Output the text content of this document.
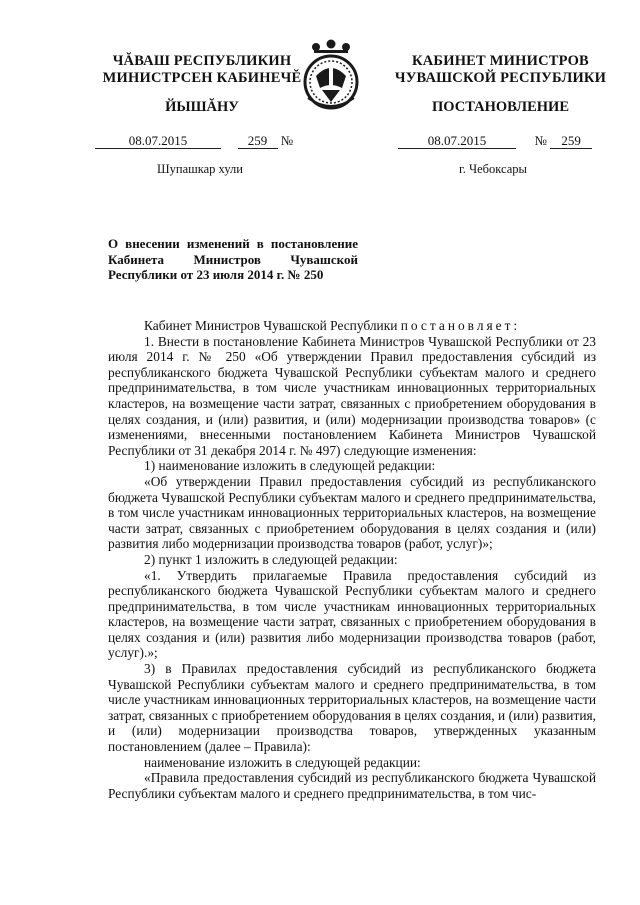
ЧĂВАШ РЕСПУБЛИКИН
МИНИСТРСЕН КАБИНЕЧĔ
ЙЫШĂНУ
08.07.2015	259 №
Шупашкар хули
КАБИНЕТ МИНИСТРОВ
ЧУВАШСКОЙ РЕСПУБЛИКИ
ПОСТАНОВЛЕНИЕ
08.07.2015	№ 259
г. Чебоксары
О внесении изменений в постановление Кабинета Министров Чувашской Республики от 23 июля 2014 г. № 250

Кабинет Министров Чувашской Республики постановляет:

1. Внести в постановление Кабинета Министров Чувашской Республики от 23 июля 2014 г. № 250 «Об утверждении Правил предоставления субсидий из республиканского бюджета Чувашской Республики субъектам малого и среднего предпринимательства, в том числе участникам инновационных территориальных кластеров, на возмещение части затрат, связанных с приобретением оборудования в целях создания, и (или) развития, и (или) модернизации производства товаров» (с изменениями, внесенными постановлением Кабинета Министров Чувашской Республики от 31 декабря 2014 г. № 497) следующие изменения:

1) наименование изложить в следующей редакции:

«Об утверждении Правил предоставления субсидий из республиканского бюджета Чувашской Республики субъектам малого и среднего предпринимательства, в том числе участникам инновационных территориальных кластеров, на возмещение части затрат, связанных с приобретением оборудования в целях создания и (или) развития либо модернизации производства товаров (работ, услуг)»;

2) пункт 1 изложить в следующей редакции:

«1. Утвердить прилагаемые Правила предоставления субсидий из республиканского бюджета Чувашской Республики субъектам малого и среднего предпринимательства, в том числе участникам инновационных территориальных кластеров, на возмещение части затрат, связанных с приобретением оборудования в целях создания и (или) развития либо модернизации производства товаров (работ, услуг).»;

3) в Правилах предоставления субсидий из республиканского бюджета Чувашской Республики субъектам малого и среднего предпринимательства, в том числе участникам инновационных территориальных кластеров, на возмещение части затрат, связанных с приобретением оборудования в целях создания, и (или) развития, и (или) модернизации производства товаров, утвержденных указанным постановлением (далее – Правила):

наименование изложить в следующей редакции:

«Правила предоставления субсидий из республиканского бюджета Чувашской Республики субъектам малого и среднего предпринимательства, в том чис-
